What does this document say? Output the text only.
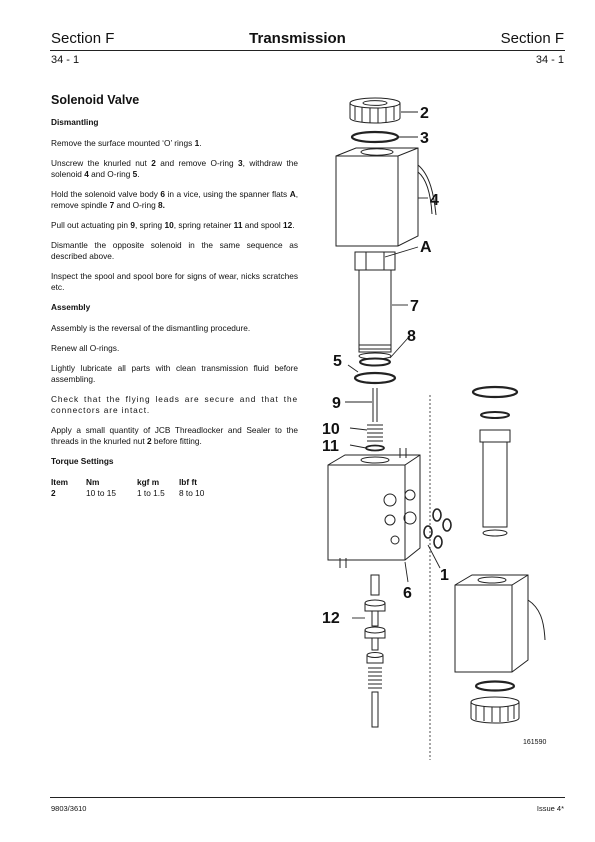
Section F	Transmission	Section F
34 - 1	34 - 1
Solenoid Valve

Dismantling

Remove the surface mounted ‘O’ rings 1.

Unscrew the knurled nut 2 and remove O-ring 3, withdraw the solenoid 4 and O-ring 5.

Hold the solenoid valve body 6 in a vice, using the spanner flats A, remove spindle 7 and O-ring 8.

Pull out actuating pin 9, spring 10, spring retainer 11 and spool 12.

Dismantle the opposite solenoid in the same sequence as described above.

Inspect the spool and spool bore for signs of wear, nicks scratches etc.

Assembly

Assembly is the reversal of the dismantling procedure.

Renew all O-rings.

Lightly lubricate all parts with clean transmission fluid before assembling.

Check that the flying leads are secure and that the connectors are intact.

Apply a small quantity of JCB Threadlocker and Sealer to the threads in the knurled nut 2 before fitting.

Torque Settings

Item	Nm	kgf m	lbf ft
2	10 to 15	1 to 1.5	8 to 10
2
3
4
A
7
8
5
9
10
11
1
6
12
161590
9803/3610	Issue 4*
